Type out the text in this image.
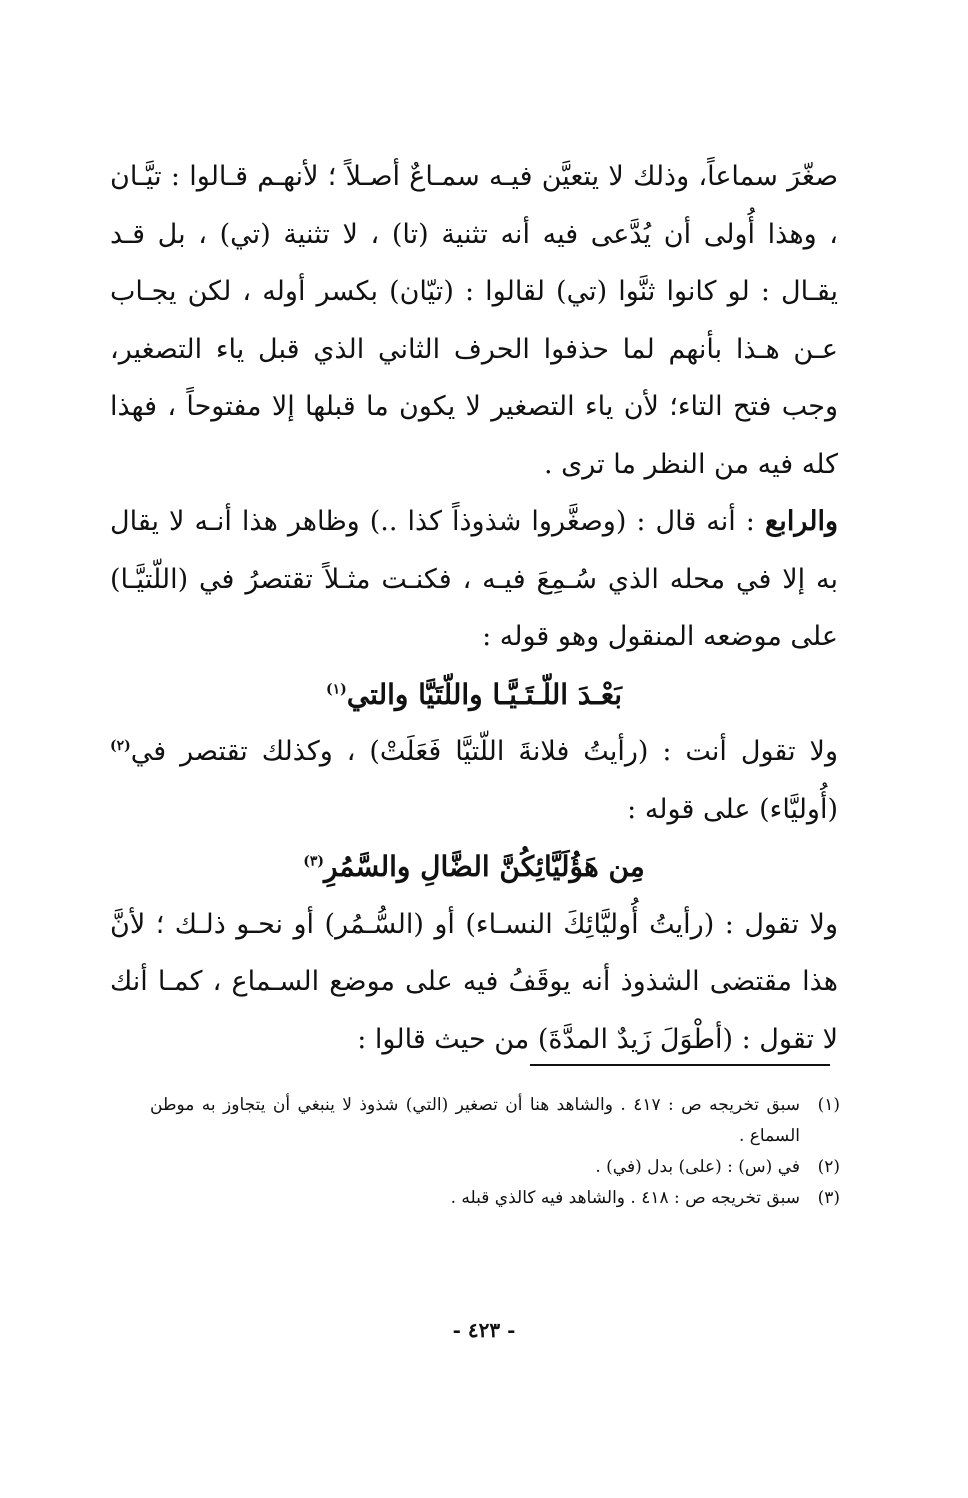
صغّرَ سماعاً، وذلك لا يتعيَّن فيـه سمـاعٌ أصـلاً ؛ لأنهـم قـالوا : تيَّـان ، وهذا أُولى أن يُدَّعى فيه أنه تثنية (تا) ، لا تثنية (تي) ، بل قـد يقـال : لو كانوا ثنَّوا (تي) لقالوا : (تيّان) بكسر أوله ، لكن يجـاب عـن هـذا بأنهم لما حذفوا الحرف الثاني الذي قبل ياء التصغير، وجب فتح التاء؛ لأن ياء التصغير لا يكون ما قبلها إلا مفتوحاً ، فهذا كله فيه من النظر ما ترى .

والرابع : أنه قال : (وصغَّروا شذوذاً كذا ..) وظاهر هذا أنـه لا يقال به إلا في محله الذي سُـمِعَ فيـه ، فكنـت مثـلاً تقتصرُ في (اللّتيَّـا) على موضعه المنقول وهو قوله :

بَعْـدَ اللّـتَـيَّـا واللّتَيَّا والتي$^{(١)}$

ولا تقول أنت : (رأيتُ فلانةَ اللّتيَّا فَعَلَتْ) ، وكذلك تقتصر في$^{(٢)}$ (أُوليَّاء) على قوله :

مِن هَؤُلَيَّائِكُنَّ الضَّالِ والسَّمُرِ$^{(٣)}$

ولا تقول : (رأيتُ أُوليَّائِكَ النسـاء) أو (السُّـمُر) أو نحـو ذلـك ؛ لأنَّ هذا مقتضى الشذوذ أنه يوقَفُ فيه على موضع السـماع ، كمـا أنك لا تقول : (أطْوَلَ زَيدٌ المدَّةَ) من حيث قالوا :

(١)
سبق تخريجه ص : ٤١٧ . والشاهد هنا أن تصغير (التي) شذوذ لا ينبغي أن يتجاوز به موطن السماع .
(٢)
في (س) : (على) بدل (في) .
(٣)
سبق تخريجه ص : ٤١٨ . والشاهد فيه كالذي قبله .
- ٤٢٣ -
